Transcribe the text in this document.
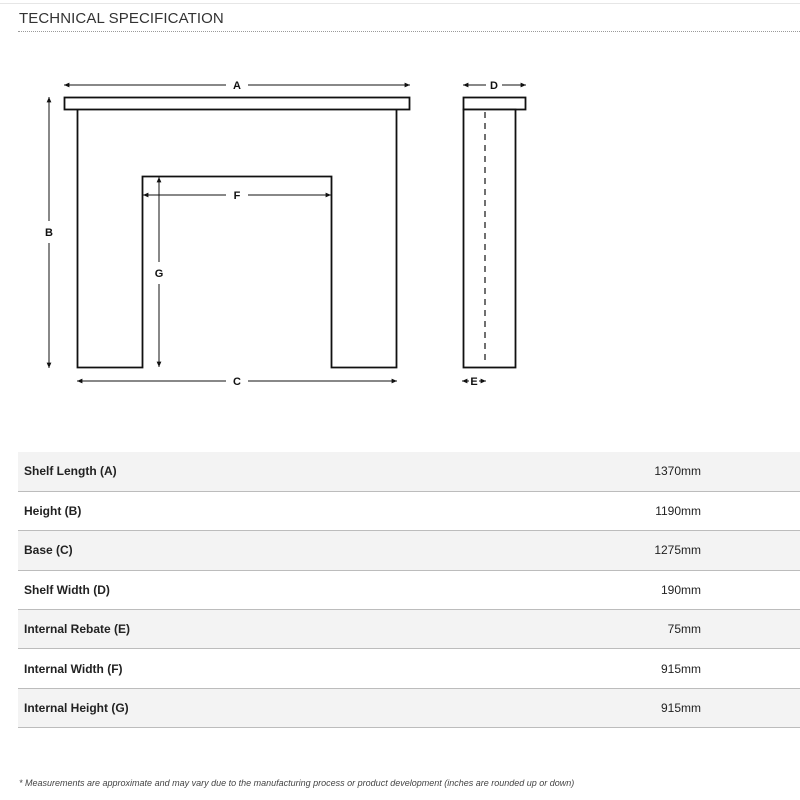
TECHNICAL SPECIFICATION
A
B
C
F
G
D
E
Shelf Length (A)	1370mm
Height (B)	1190mm
Base (C)	1275mm
Shelf Width (D)	190mm
Internal Rebate (E)	75mm
Internal Width (F)	915mm
Internal Height (G)	915mm
* Measurements are approximate and may vary due to the manufacturing process or product development (inches are rounded up or down)
